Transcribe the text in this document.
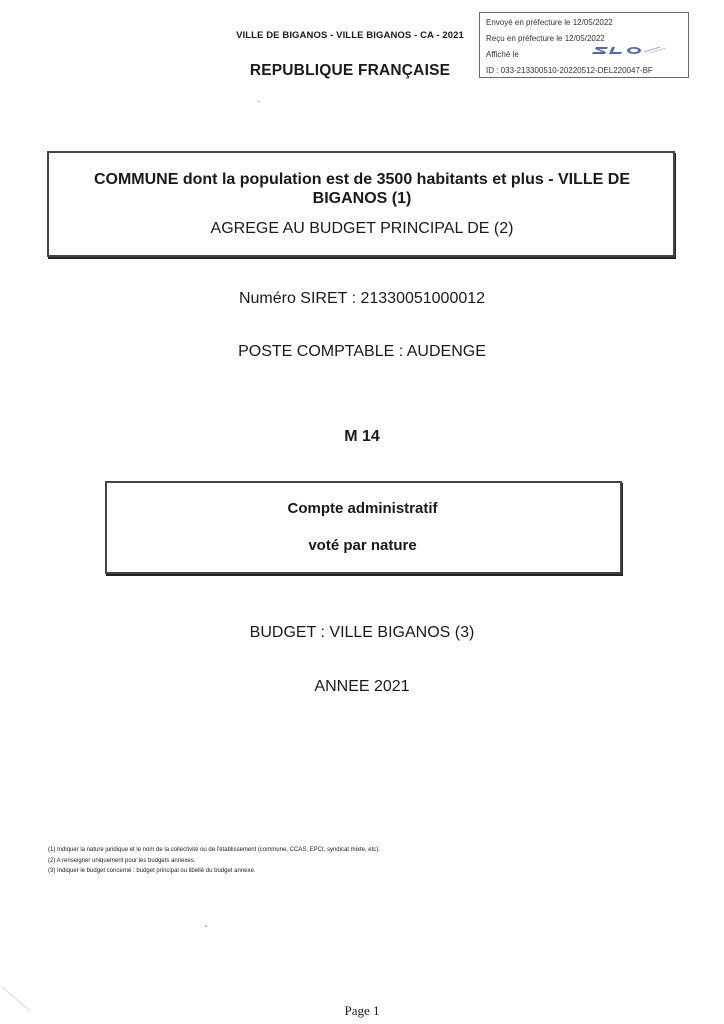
VILLE DE BIGANOS - VILLE BIGANOS - CA - 2021
REPUBLIQUE FRANÇAISE
Envoyé en préfecture le 12/05/2022
Reçu en préfecture le 12/05/2022
Affiché le
ID : 033-213300510-20220512-DEL220047-BF
COMMUNE dont la population est de 3500 habitants et plus - VILLE DE BIGANOS (1)
AGREGE AU BUDGET PRINCIPAL DE (2)
Numéro SIRET : 21330051000012
POSTE COMPTABLE : AUDENGE
M 14
Compte administratif
voté par nature
BUDGET : VILLE BIGANOS (3)
ANNEE 2021
(1) Indiquer la nature juridique et le nom de la collectivité ou de l'établissement (commune, CCAS, EPCI, syndicat mixte, etc).
(2) A renseigner uniquement pour les budgets annexes.
(3) Indiquer le budget concerné : budget principal ou libellé du budget annexe.
Page 1
